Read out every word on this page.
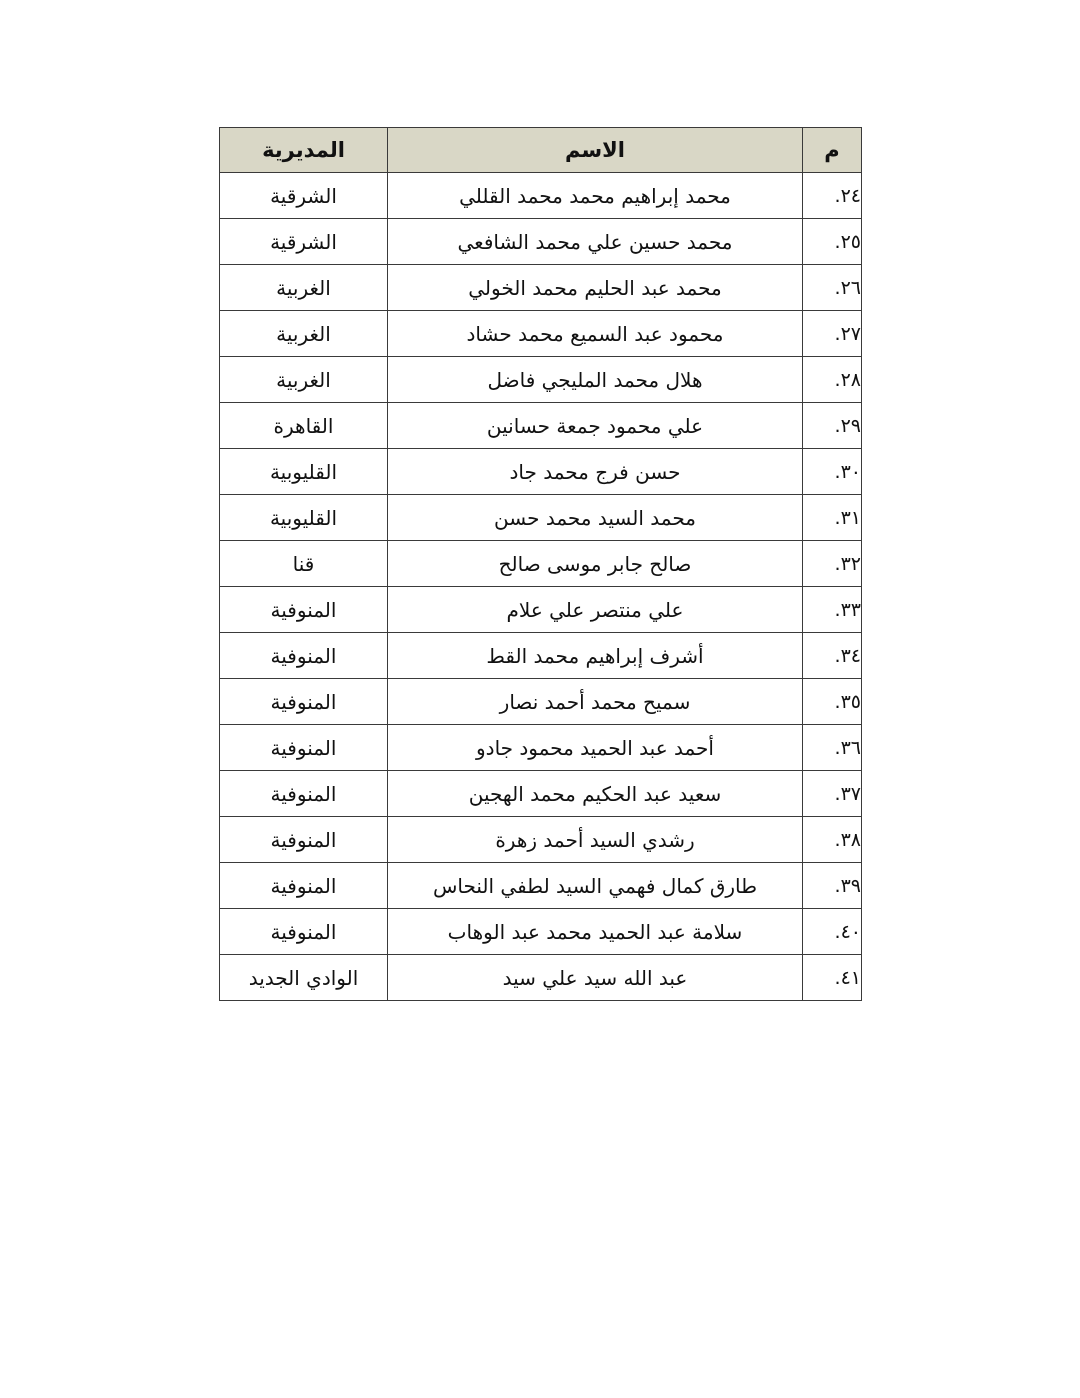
م	الاسم	المديرية
٢٤.	محمد إبراهيم محمد محمد القللي	الشرقية
٢٥.	محمد حسين علي محمد الشافعي	الشرقية
٢٦.	محمد عبد الحليم محمد الخولي	الغربية
٢٧.	محمود عبد السميع محمد حشاد	الغربية
٢٨.	هلال محمد المليجي فاضل	الغربية
٢٩.	علي محمود جمعة حسانين	القاهرة
٣٠.	حسن فرج محمد جاد	القليوبية
٣١.	محمد السيد محمد حسن	القليوبية
٣٢.	صالح جابر موسى صالح	قنا
٣٣.	علي منتصر علي علام	المنوفية
٣٤.	أشرف إبراهيم محمد القط	المنوفية
٣٥.	سميح محمد أحمد نصار	المنوفية
٣٦.	أحمد عبد الحميد محمود جادو	المنوفية
٣٧.	سعيد عبد الحكيم محمد الهجين	المنوفية
٣٨.	رشدي السيد أحمد زهرة	المنوفية
٣٩.	طارق كمال فهمي السيد لطفي النحاس	المنوفية
٤٠.	سلامة عبد الحميد محمد عبد الوهاب	المنوفية
٤١.	عبد الله سيد علي سيد	الوادي الجديد
